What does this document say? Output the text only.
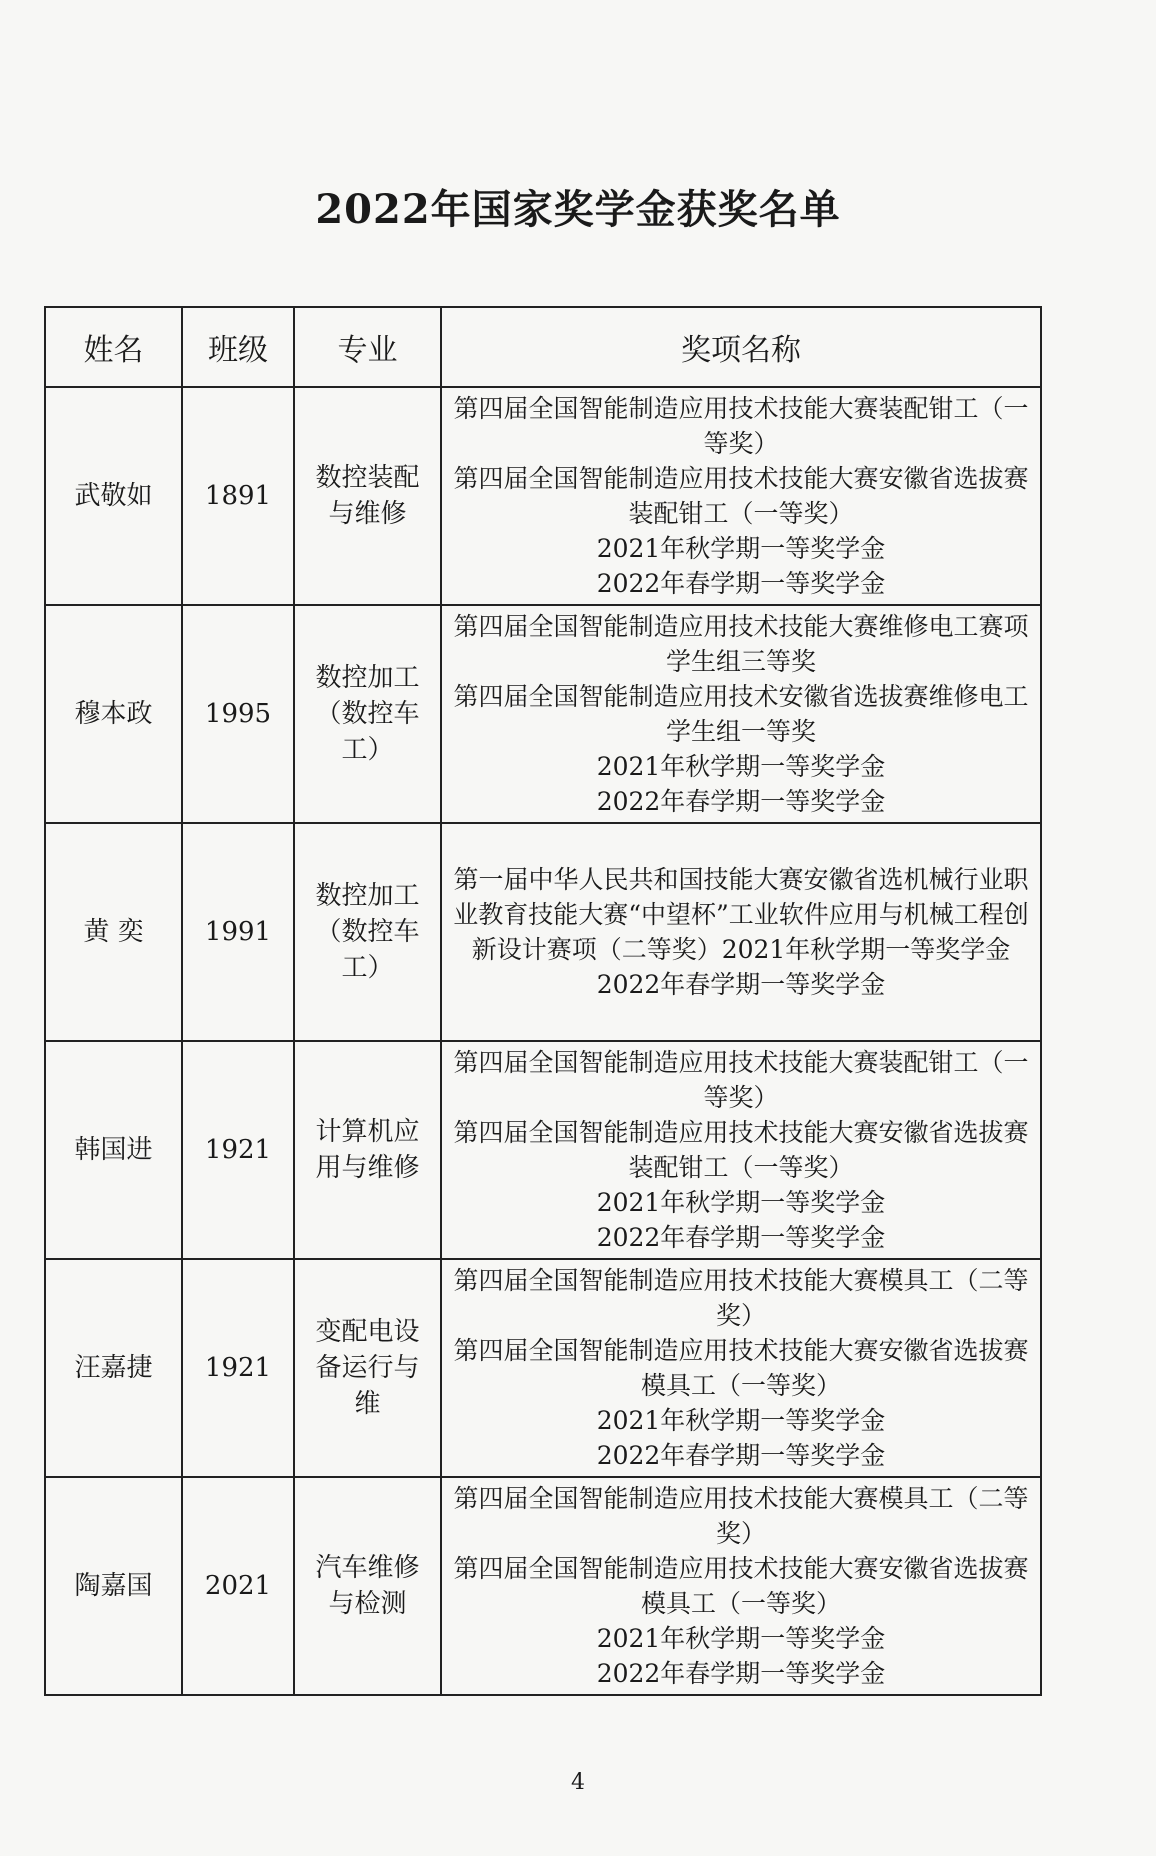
2022年国家奖学金获奖名单
姓名	班级	专业	奖项名称
武敬如	1891	数控装配与维修	第四届全国智能制造应用技术技能大赛装配钳工（一等奖）
第四届全国智能制造应用技术技能大赛安徽省选拔赛装配钳工（一等奖）
2021年秋学期一等奖学金
2022年春学期一等奖学金

穆本政	1995	数控加工（数控车工）	第四届全国智能制造应用技术技能大赛维修电工赛项学生组三等奖
第四届全国智能制造应用技术安徽省选拔赛维修电工学生组一等奖
2021年秋学期一等奖学金
2022年春学期一等奖学金

黄 奕	1991	数控加工（数控车工）	第一届中华人民共和国技能大赛安徽省选机械行业职业教育技能大赛“中望杯”工业软件应用与机械工程创新设计赛项（二等奖）2021年秋学期一等奖学金
2022年春学期一等奖学金

韩国进	1921	计算机应用与维修	第四届全国智能制造应用技术技能大赛装配钳工（一等奖）
第四届全国智能制造应用技术技能大赛安徽省选拔赛装配钳工（一等奖）
2021年秋学期一等奖学金
2022年春学期一等奖学金

汪嘉捷	1921	变配电设备运行与维	第四届全国智能制造应用技术技能大赛模具工（二等奖）
第四届全国智能制造应用技术技能大赛安徽省选拔赛模具工（一等奖）
2021年秋学期一等奖学金
2022年春学期一等奖学金

陶嘉国	2021	汽车维修与检测	第四届全国智能制造应用技术技能大赛模具工（二等奖）
第四届全国智能制造应用技术技能大赛安徽省选拔赛模具工（一等奖）
2021年秋学期一等奖学金
2022年春学期一等奖学金
4
